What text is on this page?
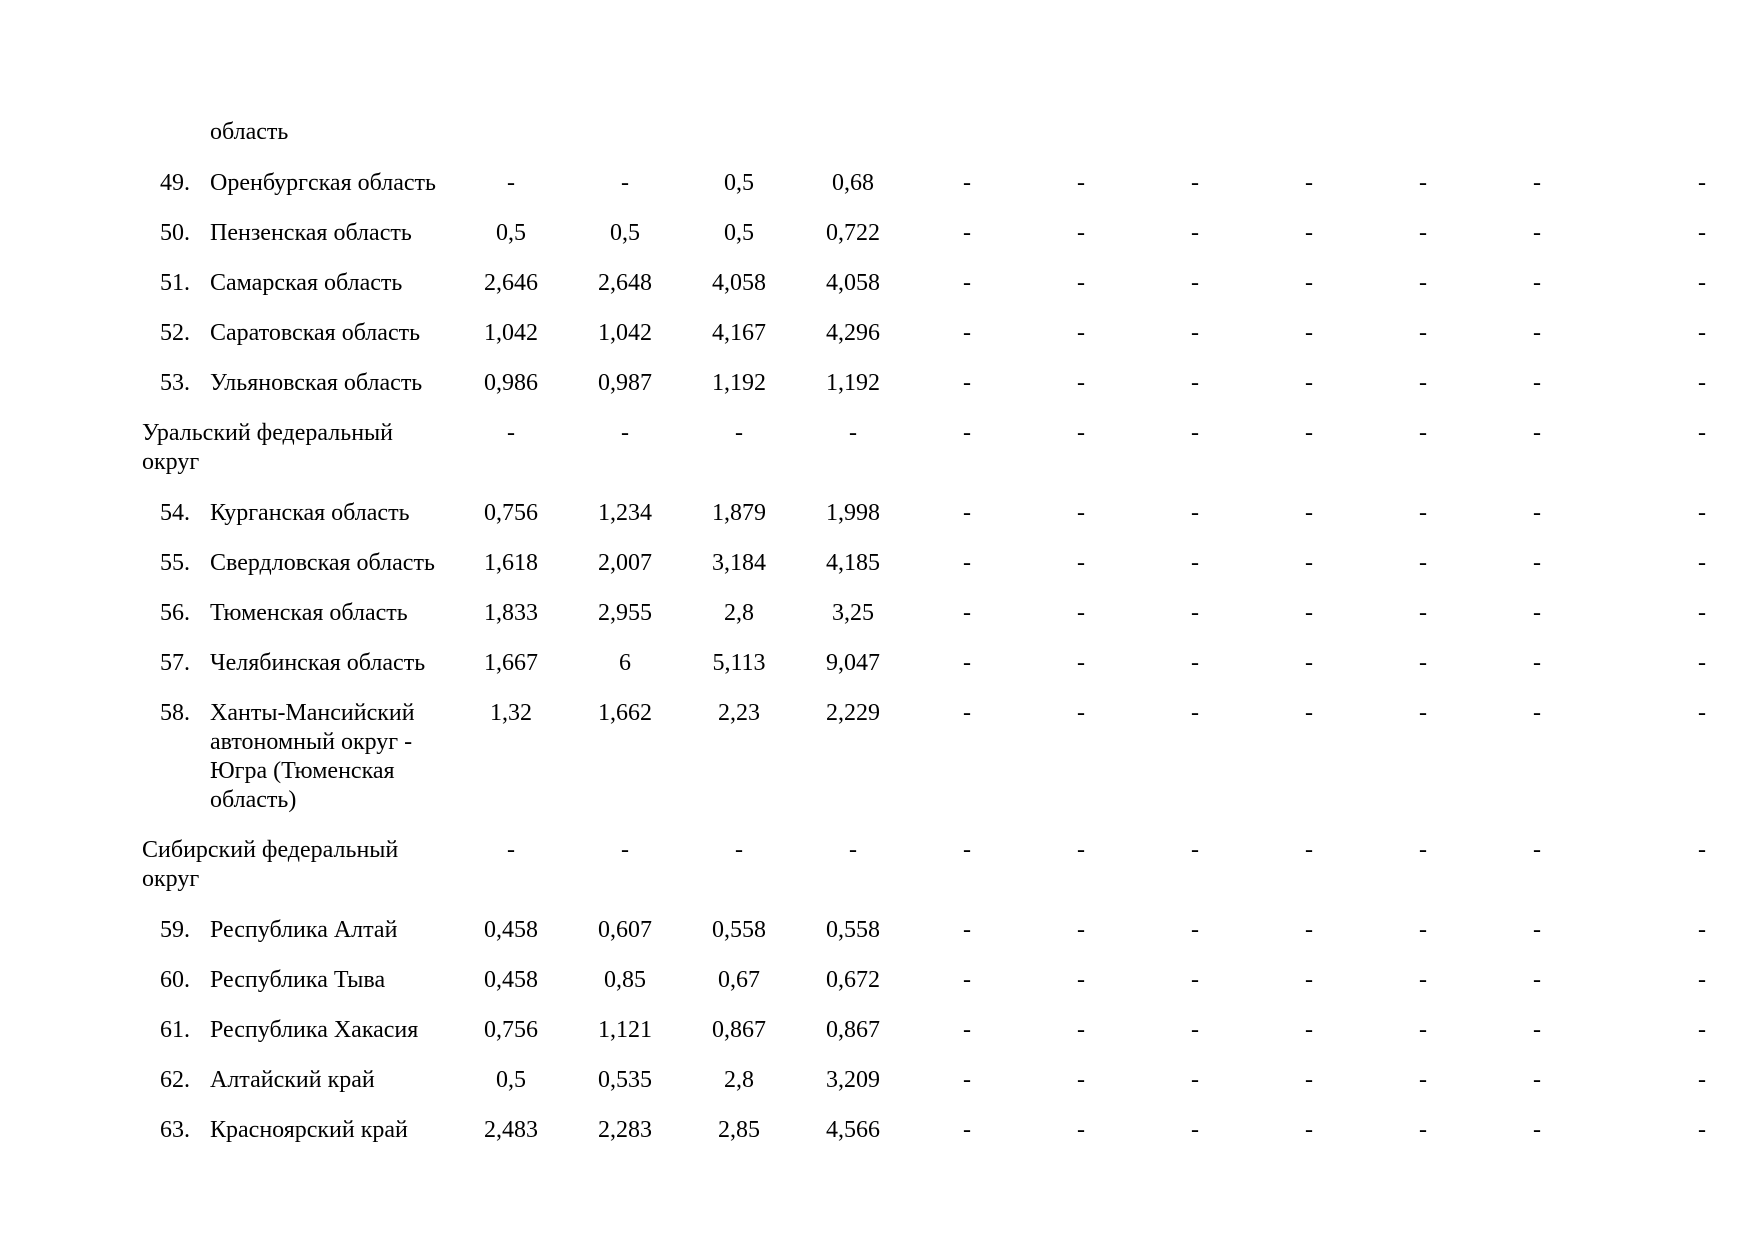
	область											
49.	Оренбургская область	-	-	0,5	0,68	-	-	-	-	-	-	-
50.	Пензенская область	0,5	0,5	0,5	0,722	-	-	-	-	-	-	-
51.	Самарская область	2,646	2,648	4,058	4,058	-	-	-	-	-	-	-
52.	Саратовская область	1,042	1,042	4,167	4,296	-	-	-	-	-	-	-
53.	Ульяновская область	0,986	0,987	1,192	1,192	-	-	-	-	-	-	-
Уральский федеральный округ	-	-	-	-	-	-	-	-	-	-	-
54.	Курганская область	0,756	1,234	1,879	1,998	-	-	-	-	-	-	-
55.	Свердловская область	1,618	2,007	3,184	4,185	-	-	-	-	-	-	-
56.	Тюменская область	1,833	2,955	2,8	3,25	-	-	-	-	-	-	-
57.	Челябинская область	1,667	6	5,113	9,047	-	-	-	-	-	-	-
58.	Ханты-Мансийский автономный округ - Югра (Тюменская область)	1,32	1,662	2,23	2,229	-	-	-	-	-	-	-
Сибирский федеральный округ	-	-	-	-	-	-	-	-	-	-	-
59.	Республика Алтай	0,458	0,607	0,558	0,558	-	-	-	-	-	-	-
60.	Республика Тыва	0,458	0,85	0,67	0,672	-	-	-	-	-	-	-
61.	Республика Хакасия	0,756	1,121	0,867	0,867	-	-	-	-	-	-	-
62.	Алтайский край	0,5	0,535	2,8	3,209	-	-	-	-	-	-	-
63.	Красноярский край	2,483	2,283	2,85	4,566	-	-	-	-	-	-	-
